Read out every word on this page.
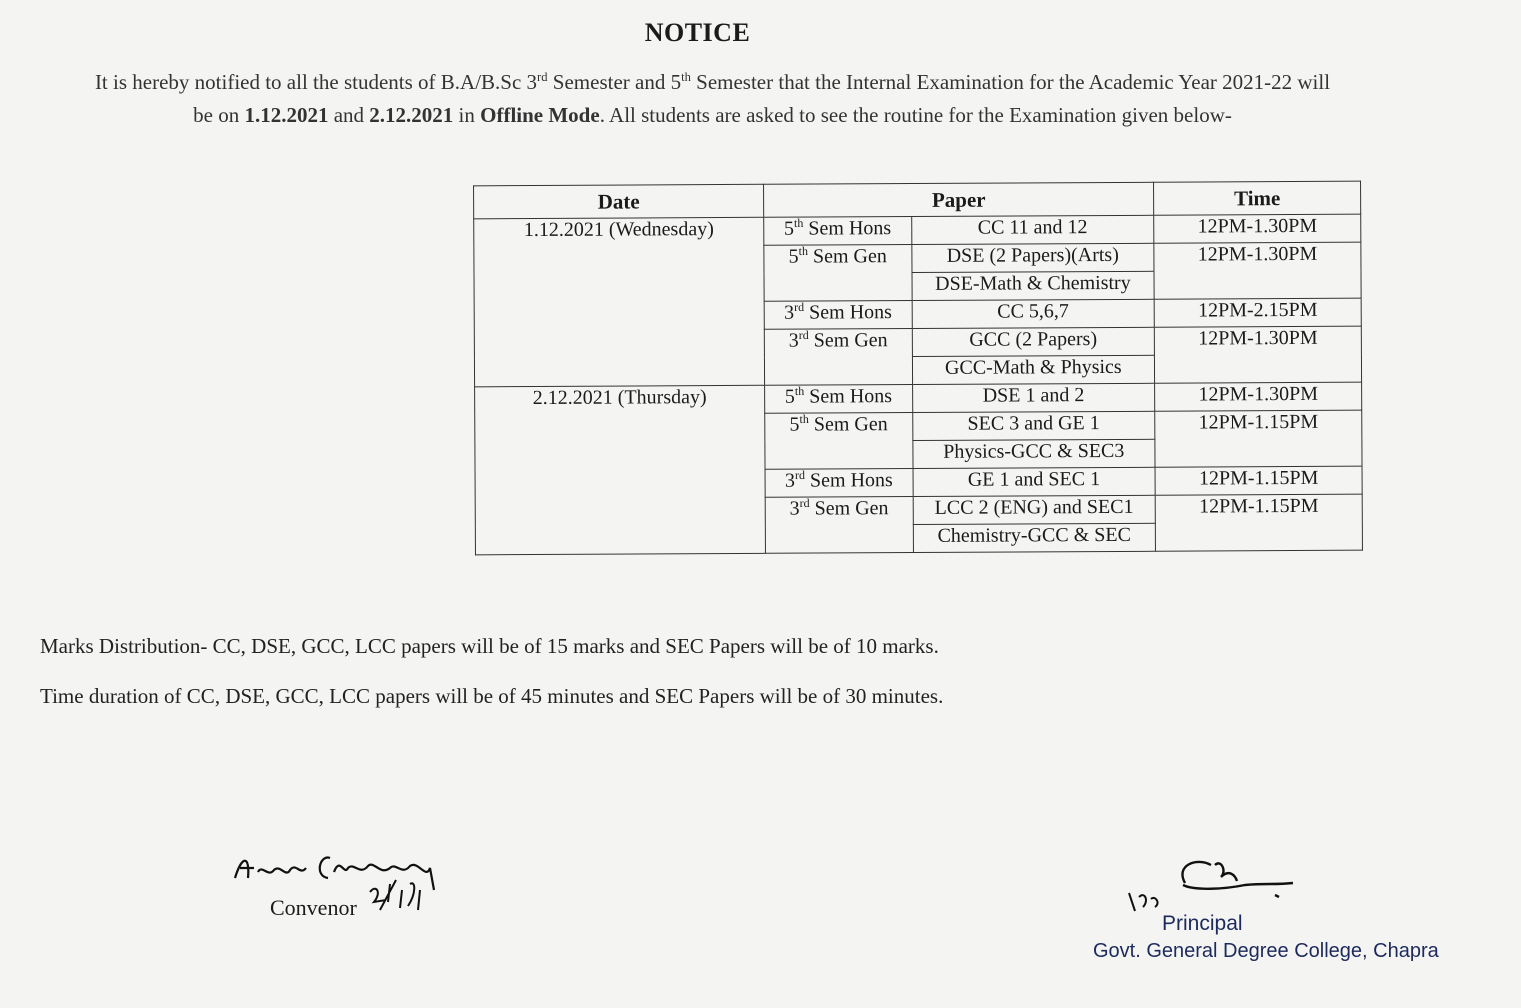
NOTICE
It is hereby notified to all the students of B.A/B.Sc 3rd Semester and 5th Semester that the Internal Examination for the Academic Year 2021-22 will be on 1.12.2021 and 2.12.2021 in Offline Mode. All students are asked to see the routine for the Examination given below-
Date	Paper		Time
1.12.2021 (Wednesday)	5th Sem Hons	CC 11 and 12	12PM-1.30PM
	5th Sem Gen	DSE (2 Papers)(Arts)	12PM-1.30PM
		DSE-Math & Chemistry	
	3rd Sem Hons	CC 5,6,7	12PM-2.15PM
	3rd Sem Gen	GCC (2 Papers)	12PM-1.30PM
		GCC-Math & Physics	
2.12.2021 (Thursday)	5th Sem Hons	DSE 1 and 2	12PM-1.30PM
	5th Sem Gen	SEC 3 and GE 1	12PM-1.15PM
		Physics-GCC & SEC3	
	3rd Sem Hons	GE 1 and SEC 1	12PM-1.15PM
	3rd Sem Gen	LCC 2 (ENG) and SEC1	12PM-1.15PM
		Chemistry-GCC & SEC	
Marks Distribution- CC, DSE, GCC, LCC papers will be of 15 marks and SEC Papers will be of 10 marks.
Time duration of CC, DSE, GCC, LCC papers will be of 45 minutes and SEC Papers will be of 30 minutes.
Convenor
Principal
Govt. General Degree College, Chapra
